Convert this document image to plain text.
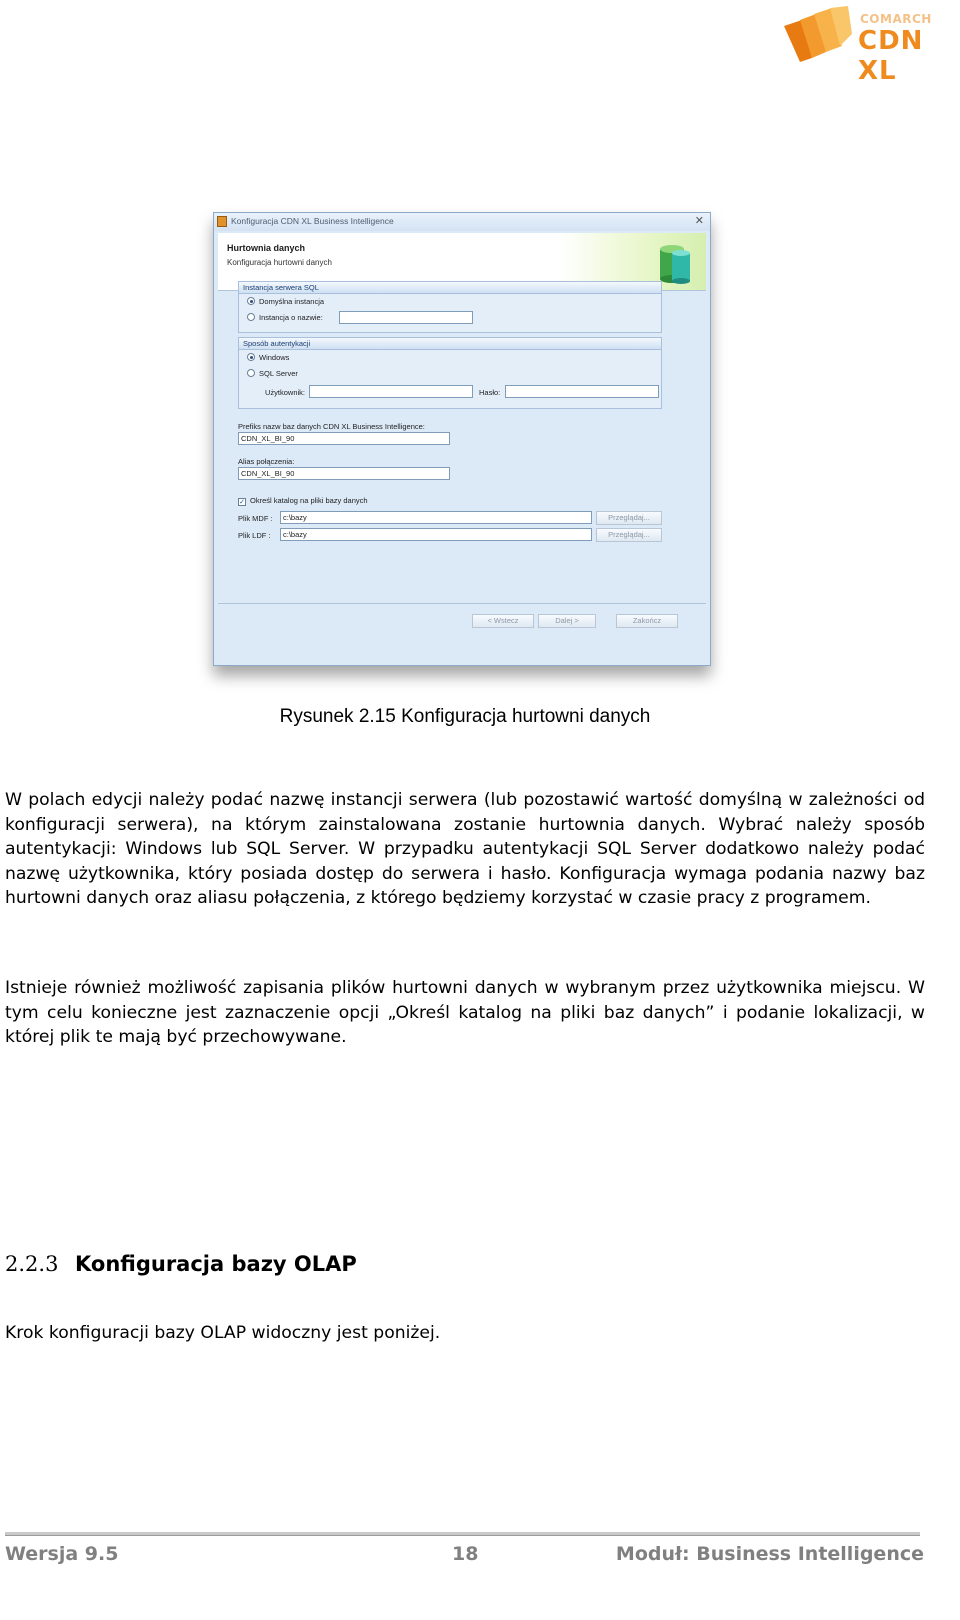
COMARCH
CDN XL
Konfiguracja CDN XL Business Intelligence	✕
Hurtownia danych
Konfiguracja hurtowni danych
Instancja serwera SQL
Domyślna instancja
Instancja o nazwie:
Sposób autentykacji
Windows
SQL Server
Użytkownik:	Hasło:
Prefiks nazw baz danych CDN XL Business Intelligence:
CDN_XL_BI_90
Alias połączenia:
CDN_XL_BI_90
✓ Określ katalog na pliki bazy danych
Plik MDF :	c:\bazy	Przeglądaj...
Plik LDF :	c:\bazy	Przeglądaj...
< Wstecz	Dalej >	Zakończ
Rysunek 2.15 Konfiguracja hurtowni danych

W polach edycji należy podać nazwę instancji serwera (lub pozostawić wartość domyślną w zależności od konfiguracji serwera), na którym zainstalowana zostanie hurtownia danych. Wybrać należy sposób autentykacji: Windows lub SQL Server. W przypadku autentykacji SQL Server dodatkowo należy podać nazwę użytkownika, który posiada dostęp do serwera i hasło. Konfiguracja wymaga podania nazwy baz hurtowni danych oraz aliasu połączenia, z którego będziemy korzystać w czasie pracy z programem.

Istnieje również możliwość zapisania plików hurtowni danych w wybranym przez użytkownika miejscu. W tym celu konieczne jest zaznaczenie opcji „Określ katalog na pliki baz danych” i podanie lokalizacji, w której plik te mają być przechowywane.

2.2.3 Konfiguracja bazy OLAP

Krok konfiguracji bazy OLAP widoczny jest poniżej.

Wersja 9.5	18	Moduł: Business Intelligence
